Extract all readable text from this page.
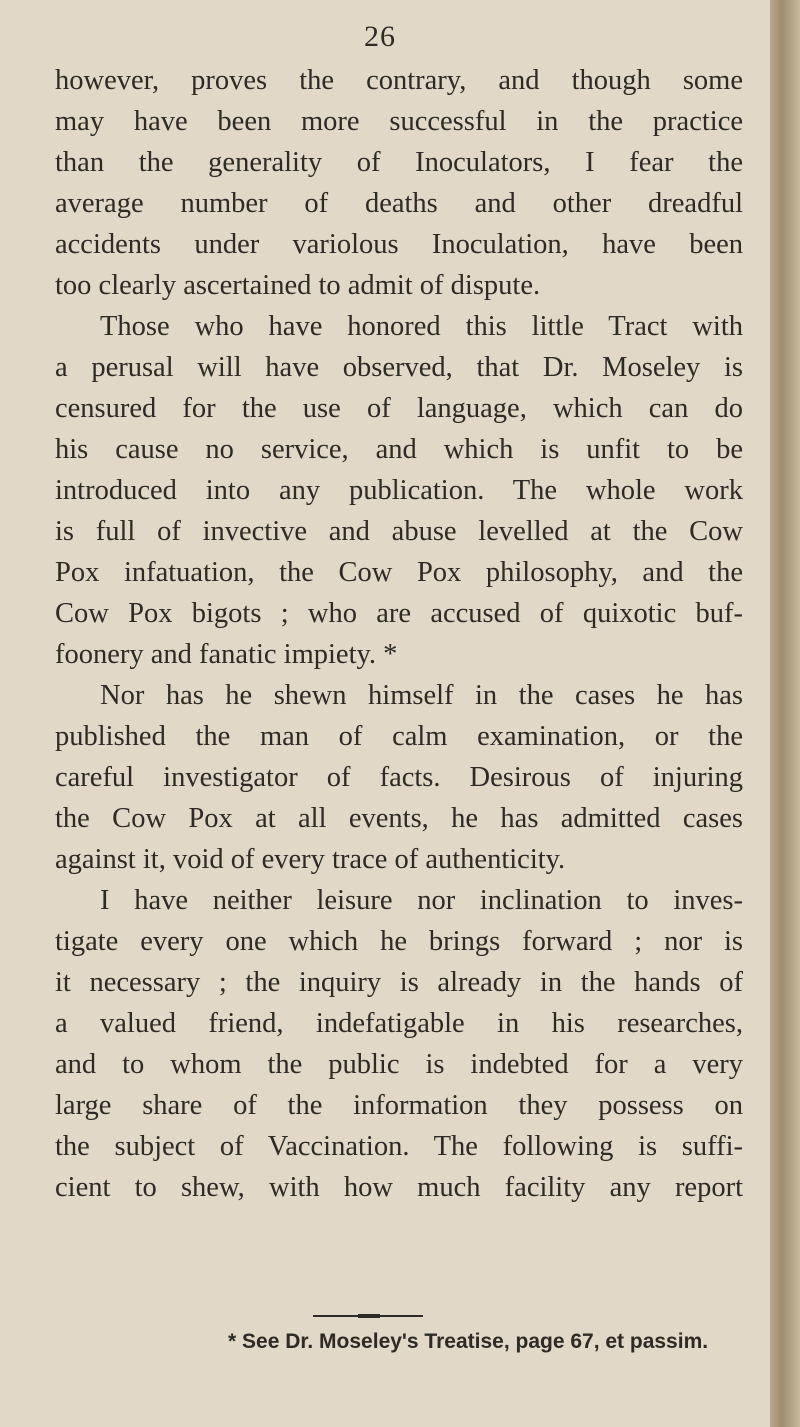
26
however, proves the contrary, and though some
may have been more successful in the practice
than the generality of Inoculators, I fear the
average number of deaths and other dreadful
accidents under variolous Inoculation, have been
too clearly ascertained to admit of dispute.
Those who have honored this little Tract with
a perusal will have observed, that Dr. Moseley is
censured for the use of language, which can do
his cause no service, and which is unfit to be
introduced into any publication. The whole work
is full of invective and abuse levelled at the Cow
Pox infatuation, the Cow Pox philosophy, and the
Cow Pox bigots ; who are accused of quixotic buf-
foonery and fanatic impiety. *
Nor has he shewn himself in the cases he has
published the man of calm examination, or the
careful investigator of facts. Desirous of injuring
the Cow Pox at all events, he has admitted cases
against it, void of every trace of authenticity.
I have neither leisure nor inclination to inves-
tigate every one which he brings forward ; nor is
it necessary ; the inquiry is already in the hands of
a valued friend, indefatigable in his researches,
and to whom the public is indebted for a very
large share of the information they possess on
the subject of Vaccination. The following is suffi-
cient to shew, with how much facility any report
* See Dr. Moseley's Treatise, page 67, et passim.
